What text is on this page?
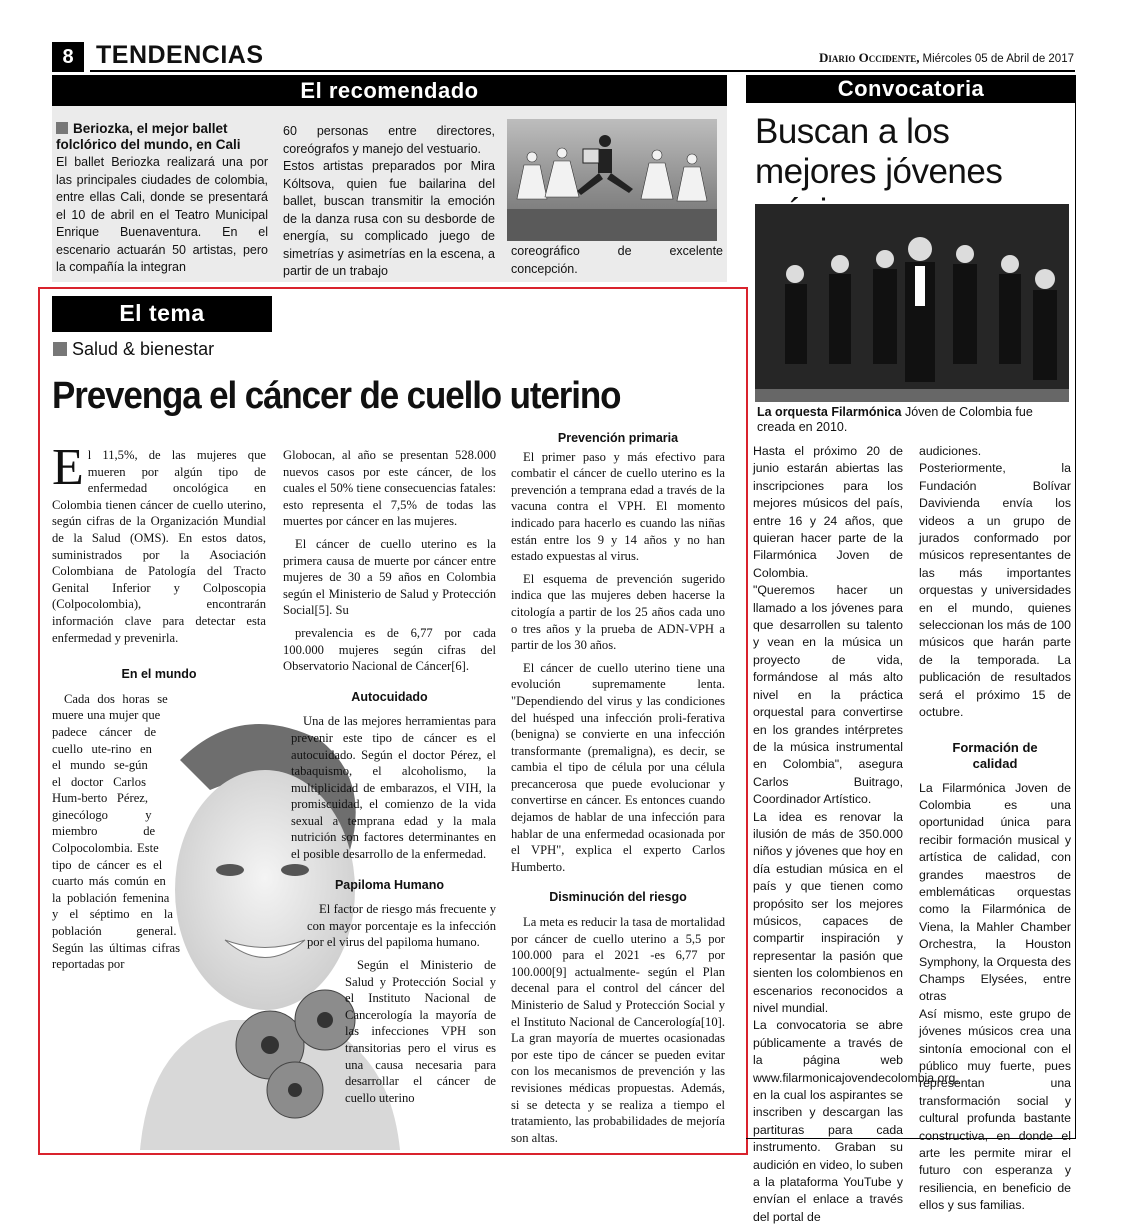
8 TENDENCIAS	Diario Occidente, Miércoles 05 de Abril de 2017
El recomendado
Beriozka, el mejor ballet folclórico del mundo, en Cali
El ballet Beriozka realizará una por las principales ciudades de colombia, entre ellas Cali, donde se presentará el 10 de abril en el Teatro Municipal Enrique Buenaventura. En el escenario actuarán 50 artistas, pero la compañía la integran
60 personas entre directores, coreógrafos y manejo del vestuario.
Estos artistas preparados por Mira Kóltsova, quien fue bailarina del ballet, buscan transmitir la emoción de la danza rusa con su desborde de energía, su complicado juego de simetrías y asimetrías en la escena, a partir de un trabajo
coreográfico de excelente concepción.
El tema
Salud & bienestar
Prevenga el cáncer de cuello uterino

El 11,5%, de las mujeres que mueren por algún tipo de enfermedad oncológica en Colombia tienen cáncer de cuello uterino, según cifras de la Organización Mundial de la Salud (OMS). En estos datos, suministrados por la Asociación Colombiana de Patología del Tracto Genital Inferior y Colposcopia (Colpocolombia), encontrarán información clave para detectar esta enfermedad y prevenirla.

En el mundo

Cada dos horas se muere una mujer que padece cáncer de cuello ute-rino en el mundo se-gún el doctor Carlos Hum-berto Pérez, ginecólogo y miembro de Colpocolombia. Este tipo de cáncer es el cuarto más común en la población femenina y el séptimo en la población general. Según las últimas cifras reportadas por

Globocan, al año se presentan 528.000 nuevos casos por este cáncer, de los cuales el 50% tiene consecuencias fatales: esto representa el 7,5% de todas las muertes por cáncer en las mujeres.

El cáncer de cuello uterino es la primera causa de muerte por cáncer entre mujeres de 30 a 59 años en Colombia según el Ministerio de Salud y Protección Social[5]. Su

prevalencia es de 6,77 por cada 100.000 mujeres según cifras del Observatorio Nacional de Cáncer[6].

Autocuidado

Una de las mejores herramientas para prevenir este tipo de cáncer es el autocuidado. Según el doctor Pérez, el tabaquismo, el alcoholismo, la multiplicidad de embarazos, el VIH, la promiscuidad, el comienzo de la vida sexual a temprana edad y la mala nutrición son factores determinantes en el posible desarrollo de la enfermedad.

Papiloma Humano

El factor de riesgo más frecuente y con mayor porcentaje es la infección por el virus del papiloma humano.

Según el Ministerio de Salud y Protección Social y el Instituto Nacional de Cancerología la mayoría de las infecciones VPH son transitorias pero el virus es una causa necesaria para desarrollar el cáncer de cuello uterino

Prevención primaria

El primer paso y más efectivo para combatir el cáncer de cuello uterino es la prevención a temprana edad a través de la vacuna contra el VPH. El momento indicado para hacerlo es cuando las niñas están entre los 9 y 14 años y no han estado expuestas al virus.

El esquema de prevención sugerido indica que las mujeres deben hacerse la citología a partir de los 25 años cada uno o tres años y la prueba de ADN-VPH a partir de los 30 años.

El cáncer de cuello uterino tiene una evolución supremamente lenta. "Dependiendo del virus y las condiciones del huésped una infección proli-ferativa (benigna) se convierte en una infección transformante (premaligna), es decir, se cambia el tipo de célula por una célula precancerosa que puede evolucionar y convertirse en cáncer. Es entonces cuando dejamos de hablar de una infección para hablar de una enfermedad ocasionada por el VPH", explica el experto Carlos Humberto.

Disminución del riesgo

La meta es reducir la tasa de mortalidad por cáncer de cuello uterino a 5,5 por 100.000 para el 2021 -es 6,77 por 100.000[9] actualmente- según el Plan decenal para el control del cáncer del Ministerio de Salud y Protección Social y el Instituto Nacional de Cancerología[10]. La gran mayoría de muertes ocasionadas por este tipo de cáncer se pueden evitar con los mecanismos de prevención y las revisiones médicas propuestas. Además, si se detecta y se realiza a tiempo el tratamiento, las probabilidades de mejoría son altas.

Convocatoria
Buscan a los mejores jóvenes
La orquesta Filarmónica Jóven de Colombia fue creada en 2010.
Hasta el próximo 20 de junio estarán abiertas las inscripciones para los mejores músicos del país, entre 16 y 24 años, que quieran hacer parte de la Filarmónica Joven de Colombia.
"Queremos hacer un llamado a los jóvenes para que desarrollen su talento y vean en la música un proyecto de vida, formándose al más alto nivel en la práctica orquestal para convertirse en los grandes intérpretes de la música instrumental en Colombia", asegura Carlos Buitrago, Coordinador Artístico.
La idea es renovar la ilusión de más de 350.000 niños y jóvenes que hoy en día estudian música en el país y que tienen como propósito ser los mejores músicos, capaces de compartir inspiración y representar la pasión que sienten los colombienos en escenarios reconocidos a nivel mundial.
La convocatoria se abre públicamente a través de la página web www.filarmonicajovendecolombia.org, en la cual los aspirantes se inscriben y descargan las partituras para cada instrumento. Graban su audición en video, lo suben a la plataforma YouTube y envían el enlace a través del portal de
audiciones.
Posteriormente, la Fundación Bolívar Davivienda envía los videos a un grupo de jurados conformado por músicos representantes de las más importantes orquestas y universidades en el mundo, quienes seleccionan los más de 100 músicos que harán parte de la temporada. La publicación de resultados será el próximo 15 de octubre.
Formación de calidad
La Filarmónica Joven de Colombia es una oportunidad única para recibir formación musical y artística de calidad, con grandes maestros de emblemáticas orquestas como la Filarmónica de Viena, la Mahler Chamber Orchestra, la Houston Symphony, la Orquesta des Champs Elysées, entre otras
Así mismo, este grupo de jóvenes músicos crea una sintonía emocional con el público muy fuerte, pues representan una transformación social y cultural profunda bastante constructiva, en donde el arte les permite mirar el futuro con esperanza y resiliencia, en beneficio de ellos y sus familias.
